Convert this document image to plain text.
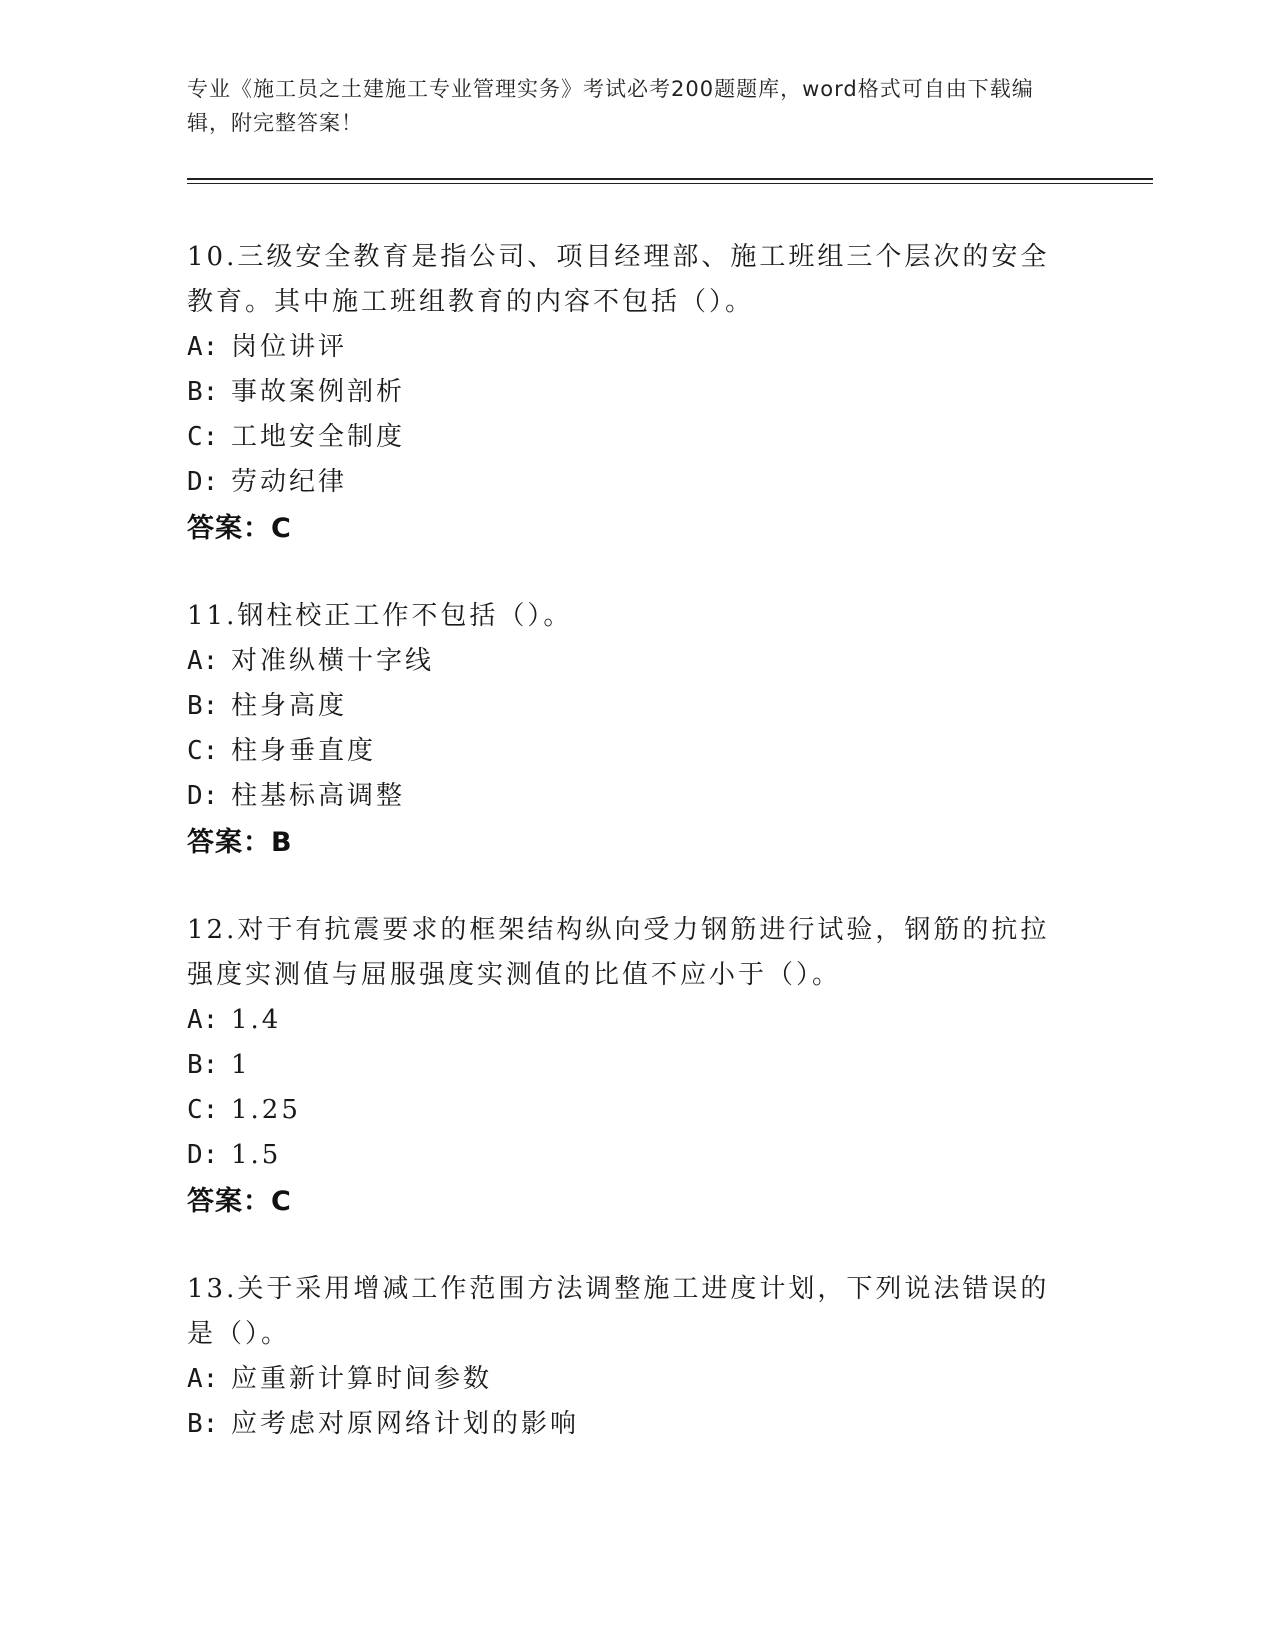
专业《施工员之土建施工专业管理实务》考试必考200题题库，word格式可自由下载编辑，附完整答案！

10.三级安全教育是指公司、项目经理部、施工班组三个层次的安全教育。其中施工班组教育的内容不包括（）。

A: 岗位讲评
B: 事故案例剖析
C: 工地安全制度
D: 劳动纪律
答案：C

11.钢柱校正工作不包括（）。

A: 对准纵横十字线
B: 柱身高度
C: 柱身垂直度
D: 柱基标高调整
答案：B

12.对于有抗震要求的框架结构纵向受力钢筋进行试验，钢筋的抗拉强度实测值与屈服强度实测值的比值不应小于（）。

A: 1.4
B: 1
C: 1.25
D: 1.5
答案：C

13.关于采用增减工作范围方法调整施工进度计划，下列说法错误的是（）。

A: 应重新计算时间参数
B: 应考虑对原网络计划的影响
